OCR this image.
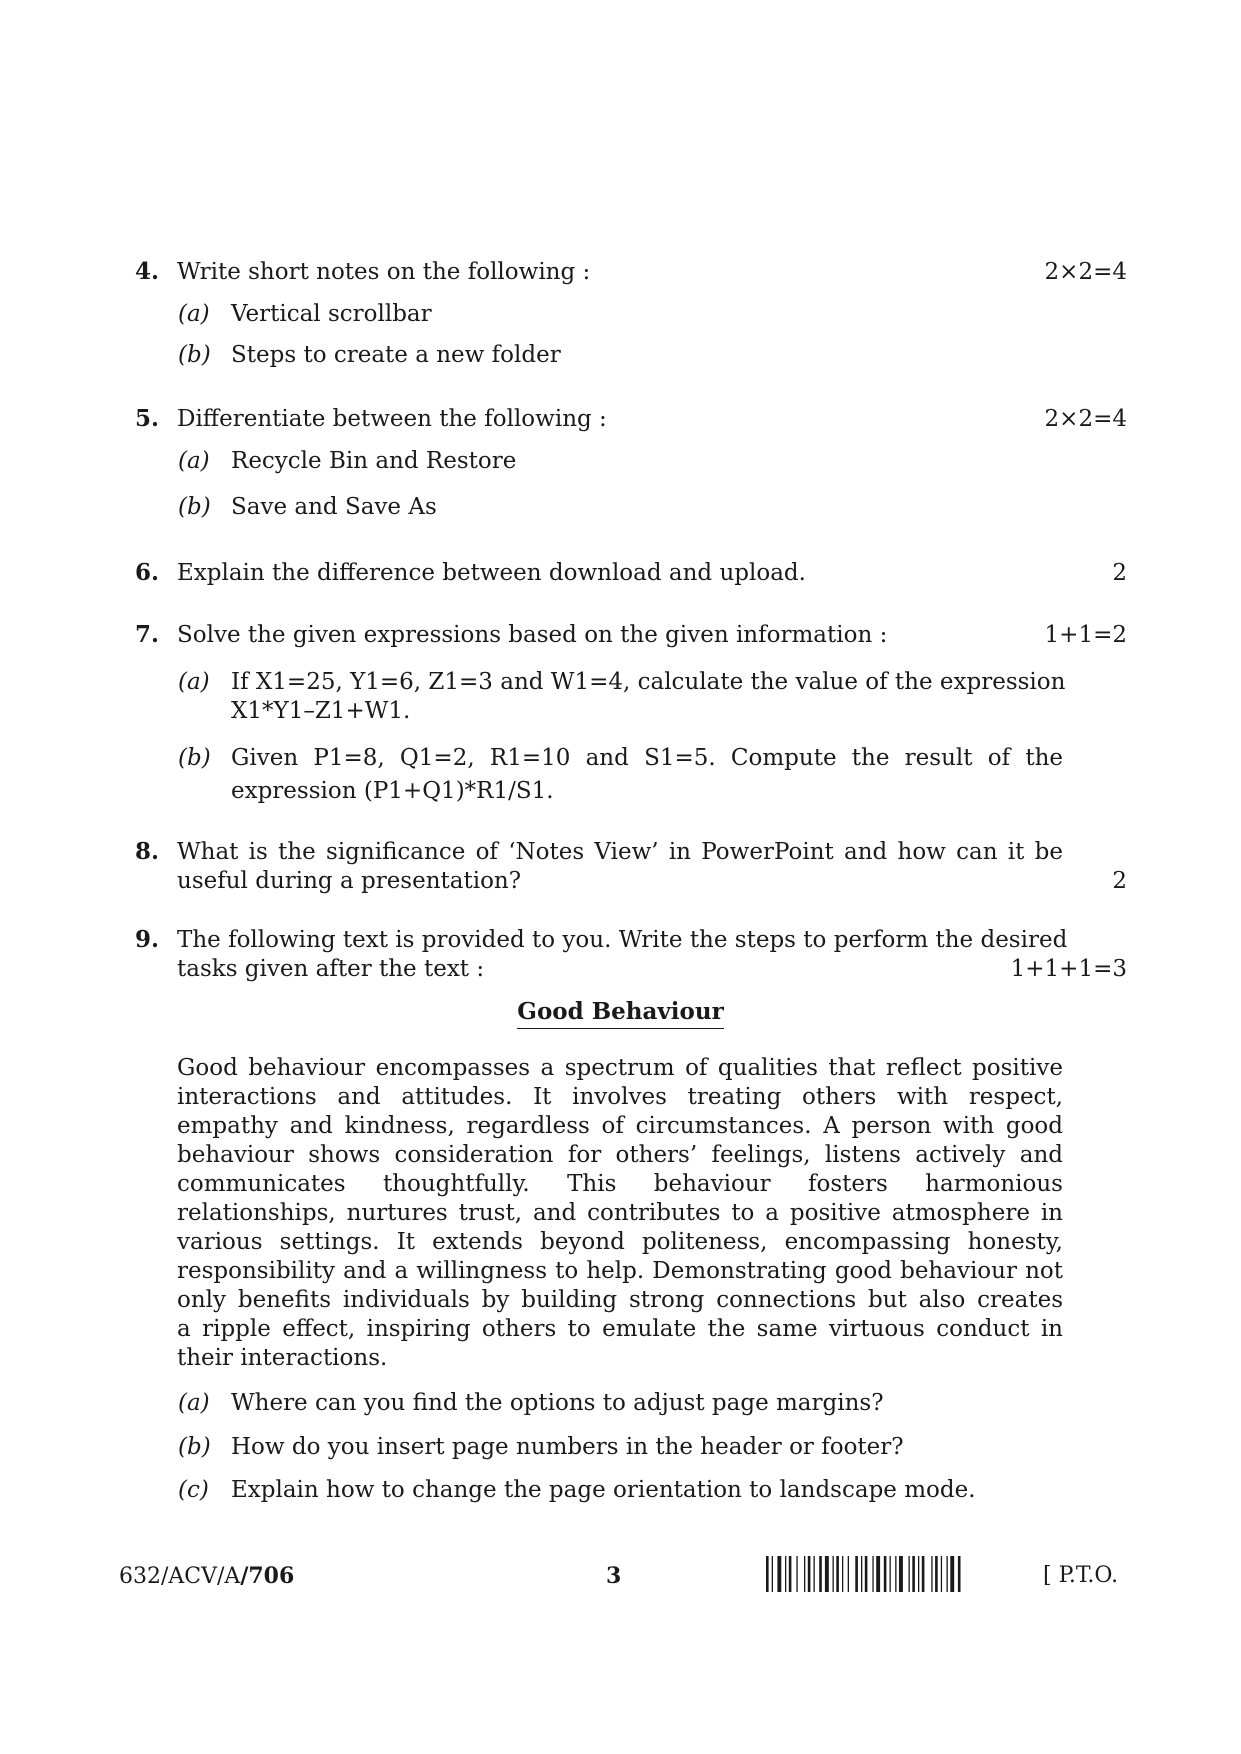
4. Write short notes on the following :	2×2=4
(a) Vertical scrollbar
(b) Steps to create a new folder
5. Differentiate between the following :	2×2=4
(a) Recycle Bin and Restore
(b) Save and Save As
6. Explain the difference between download and upload.	2
7. Solve the given expressions based on the given information :	1+1=2
(a) If X1=25, Y1=6, Z1=3 and W1=4, calculate the value of the expression
X1*Y1–Z1+W1.
(b) Given P1=8, Q1=2, R1=10 and S1=5. Compute the result of the
expression (P1+Q1)*R1/S1.
8. What is the significance of ‘Notes View’ in PowerPoint and how can it be
useful during a presentation?	2
9. The following text is provided to you. Write the steps to perform the desired
tasks given after the text :	1+1+1=3
Good Behaviour
Good behaviour encompasses a spectrum of qualities that reflect positive
interactions and attitudes. It involves treating others with respect,
empathy and kindness, regardless of circumstances. A person with good
behaviour shows consideration for others’ feelings, listens actively and
communicates thoughtfully. This behaviour fosters harmonious
relationships, nurtures trust, and contributes to a positive atmosphere in
various settings. It extends beyond politeness, encompassing honesty,
responsibility and a willingness to help. Demonstrating good behaviour not
only benefits individuals by building strong connections but also creates
a ripple effect, inspiring others to emulate the same virtuous conduct in
their interactions.
(a) Where can you find the options to adjust page margins?
(b) How do you insert page numbers in the header or footer?
(c) Explain how to change the page orientation to landscape mode.
632/ACV/A/706	3	[ P.T.O.
